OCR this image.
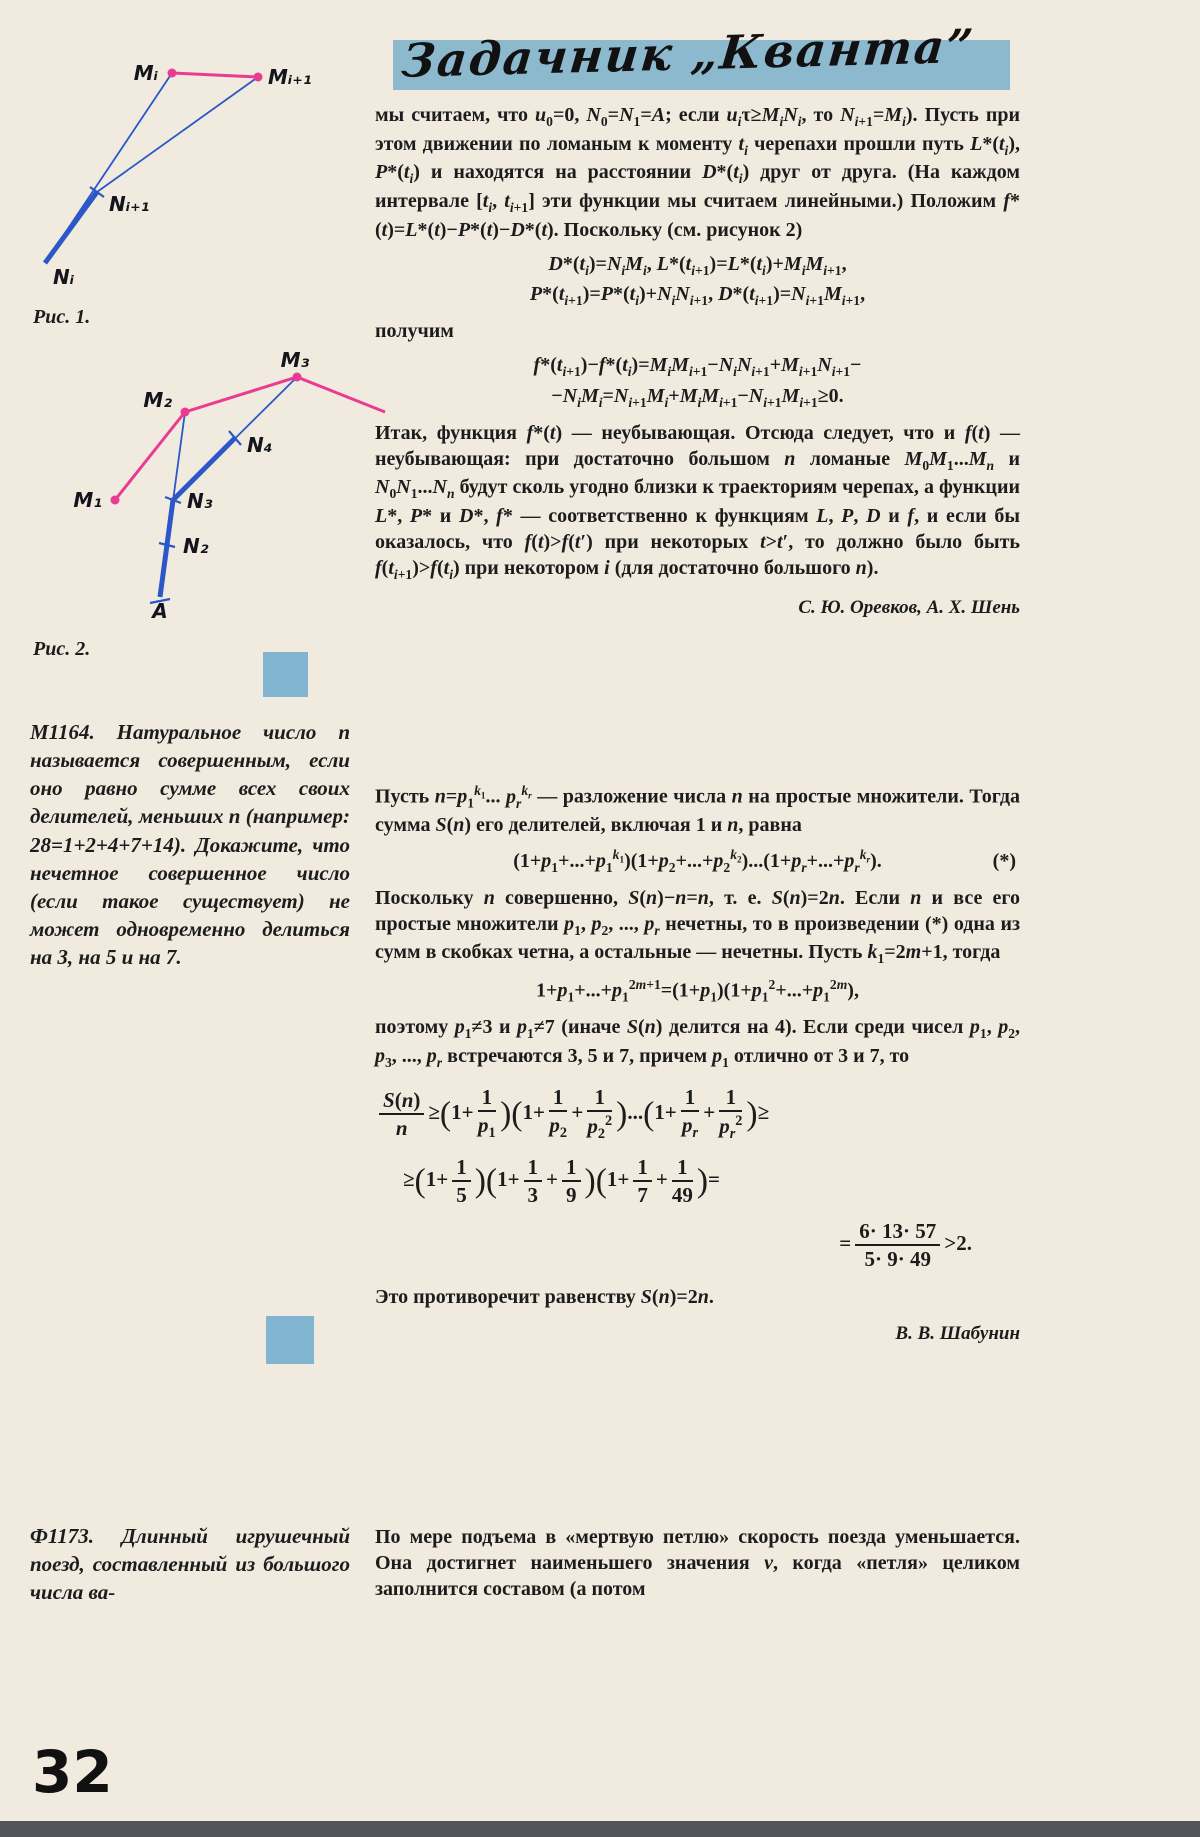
Задачник „Кванта”
Mᵢ	Mᵢ₊₁
Nᵢ₊₁
Nᵢ
Рис. 1.
M₁
M₂
M₃
N₂
N₃
N₄
A
Рис. 2.
мы считаем, что $u_0=0$, $N_0=N_1=A$; если $u_i\tau\ge M_iN_i$, то $N_{i+1}=M_i$). Пусть при этом движении по ломаным к моменту $t_i$ черепахи прошли путь $L*(t_i)$, $P*(t_i)$ и находятся на расстоянии $D*(t_i)$ друг от друга. (На каждом интервале [$t_i$, $t_{i+1}$] эти функции мы считаем линейными.) Положим f*(t)=L*(t)−P*(t)−D*(t). Поскольку (см. рисунок 2)
$D*(t_i)=N_iM_i$, $L*(t_{i+1})=L*(t_i)+M_iM_{i+1}$,
$P*(t_{i+1})=P*(t_i)+N_iN_{i+1}$, $D*(t_{i+1})=N_{i+1}M_{i+1}$,
получим
$f*(t_{i+1})-f*(t_i)=M_iM_{i+1}-N_iN_{i+1}+M_{i+1}N_{i+1}-$
$-N_iM_i=N_{i+1}M_i+M_iM_{i+1}-N_{i+1}M_{i+1}\ge 0$.
Итак, функция f*(t) — неубывающая. Отсюда следует, что и f(t) — неубывающая: при достаточно большом n ломаные $M_0M_1...M_n$ и $N_0N_1...N_n$ будут сколь угодно близки к траекториям черепах, а функции L*, P* и D*, f* — соответственно к функциям L, P, D и f, и если бы оказалось, что f(t)>f(t′) при некоторых t>t′, то должно было быть $f(t_{i+1})>f(t_i)$ при некотором i (для достаточно большого n).
С. Ю. Оревков, А. Х. Шень
М1164. Натуральное число n называется совершенным, если оно равно сумме всех своих делителей, меньших n (например: 28=1+2+4+7+14). Докажите, что нечетное совершенное число (если такое существует) не может одновременно делиться на 3, на 5 и на 7.
Пусть $n=p_1^{k_1}$... $p_r^{k_r}$ — разложение числа n на простые множители. Тогда сумма S(n) его делителей, включая 1 и n, равна
$(1+p_1+...+p_1^{k_1})(1+p_2+...+p_2^{k_2})...(1+p_r+...+p_r^{k_r})$.	(*)
Поскольку n совершенно, S(n)−n=n, т. е. S(n)=2n. Если n и все его простые множители $p_1$, $p_2$, ..., $p_r$ нечетны, то в произведении (*) одна из сумм в скобках четна, а остальные — нечетны. Пусть $k_1=2m+1$, тогда
$1+p_1+...+p_1^{2m+1}=(1+p_1)(1+p_1^2+...+p_1^{2m})$,
поэтому $p_1\ne 3$ и $p_1\ne 7$ (иначе S(n) делится на 4). Если среди чисел $p_1$, $p_2$, $p_3$, ..., $p_r$ встречаются 3, 5 и 7, причем $p_1$ отлично от 3 и 7, то
$\frac{S(n)}{n} \ge(1+ \frac{1}{p_1} )(1+ \frac{1}{p_2} + \frac{1}{p_2^2} )...(1+ \frac{1}{p_r} + \frac{1}{p_r^2}$ )≥
$\ge(1+ \frac{1}{5} )(1+ \frac{1}{3} + \frac{1}{9} )(1+ \frac{1}{7} + \frac{1}{49}$ )=
= $\frac{6\cdot 13\cdot 57}{5\cdot 9\cdot 49} >2$.
Это противоречит равенству S(n)=2n.
В. В. Шабунин
Ф1173. Длинный игрушечный поезд, составленный из большого числа ва-
По мере подъема в «мертвую петлю» скорость поезда уменьшается. Она достигнет наименьшего значения v, когда «петля» целиком заполнится составом (а потом
32
